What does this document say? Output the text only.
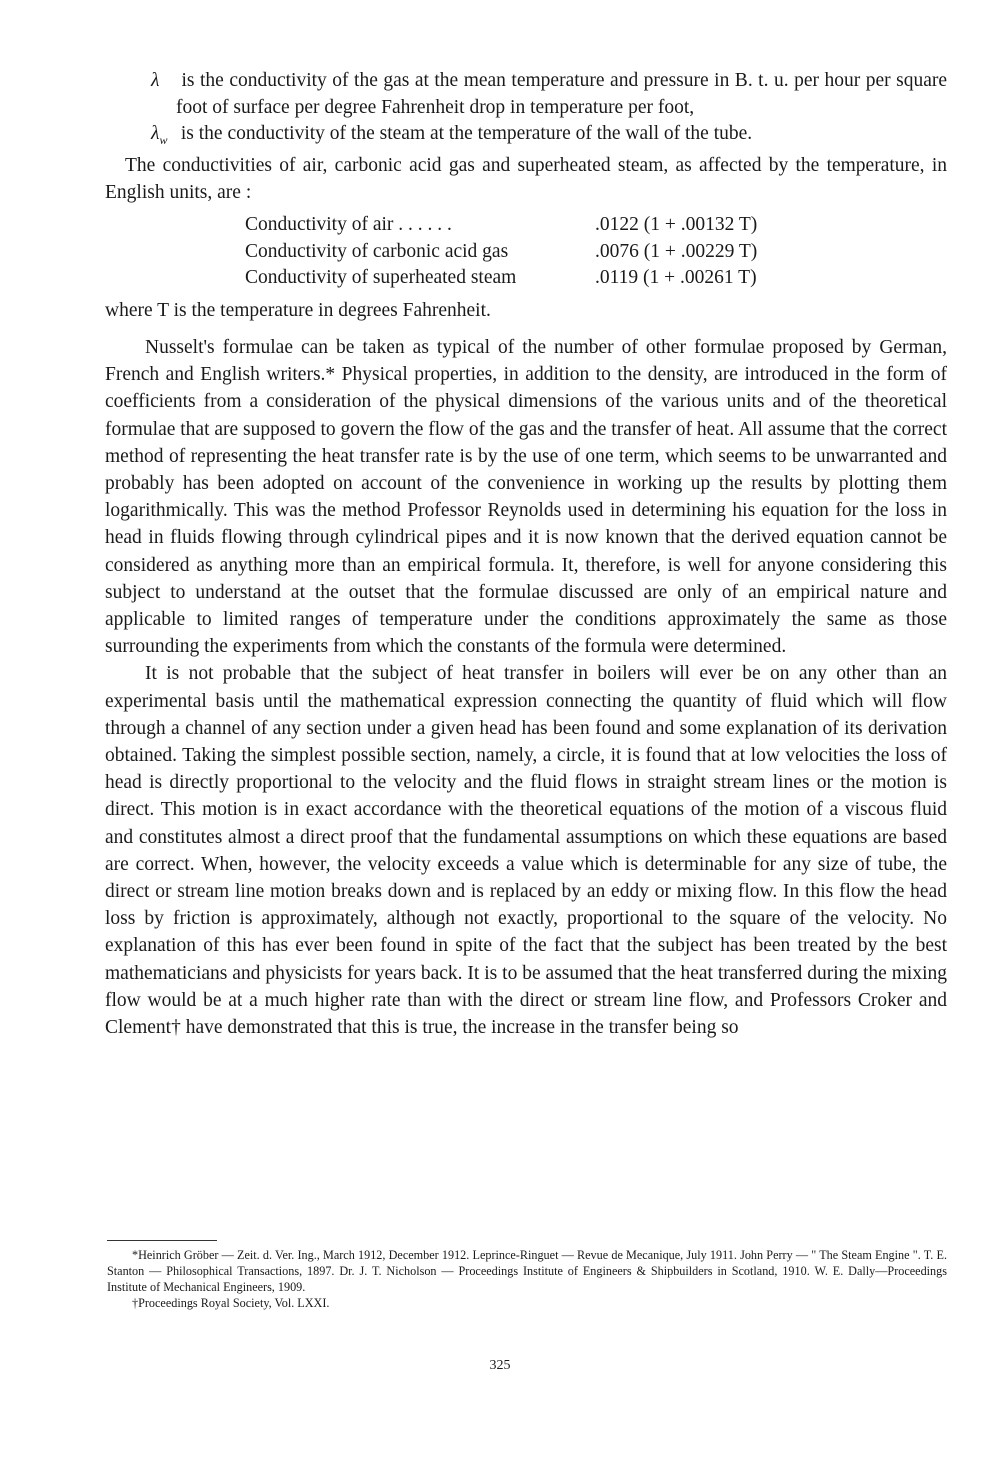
λ is the conductivity of the gas at the mean temperature and pressure in B. t. u. per hour per square foot of surface per degree Fahrenheit drop in temperature per foot,
$\lambda_w$ is the conductivity of the steam at the temperature of the wall of the tube.
The conductivities of air, carbonic acid gas and superheated steam, as affected by the temperature, in English units, are :
Conductivity of air . . . . . .	.0122 (1 + .00132 T)
Conductivity of carbonic acid gas	.0076 (1 + .00229 T)
Conductivity of superheated steam	.0119 (1 + .00261 T)
where T is the temperature in degrees Fahrenheit.

Nusselt's formulae can be taken as typical of the number of other formulae proposed by German, French and English writers.* Physical properties, in addition to the density, are introduced in the form of coefficients from a consideration of the physical dimensions of the various units and of the theoretical formulae that are supposed to govern the flow of the gas and the transfer of heat. All assume that the correct method of representing the heat transfer rate is by the use of one term, which seems to be unwarranted and probably has been adopted on account of the convenience in working up the results by plotting them logarithmically. This was the method Professor Reynolds used in determining his equation for the loss in head in fluids flowing through cylindrical pipes and it is now known that the derived equation cannot be considered as anything more than an empirical formula. It, therefore, is well for anyone considering this subject to understand at the outset that the formulae discussed are only of an empirical nature and applicable to limited ranges of temperature under the conditions approximately the same as those surrounding the experiments from which the constants of the formula were determined.

It is not probable that the subject of heat transfer in boilers will ever be on any other than an experimental basis until the mathematical expression connecting the quantity of fluid which will flow through a channel of any section under a given head has been found and some explanation of its derivation obtained. Taking the simplest possible section, namely, a circle, it is found that at low velocities the loss of head is directly proportional to the velocity and the fluid flows in straight stream lines or the motion is direct. This motion is in exact accordance with the theoretical equations of the motion of a viscous fluid and constitutes almost a direct proof that the fundamental assumptions on which these equations are based are correct. When, however, the velocity exceeds a value which is determinable for any size of tube, the direct or stream line motion breaks down and is replaced by an eddy or mixing flow. In this flow the head loss by friction is approximately, although not exactly, proportional to the square of the velocity. No explanation of this has ever been found in spite of the fact that the subject has been treated by the best mathematicians and physicists for years back. It is to be assumed that the heat transferred during the mixing flow would be at a much higher rate than with the direct or stream line flow, and Professors Croker and Clement† have demonstrated that this is true, the increase in the transfer being so

*Heinrich Gröber — Zeit. d. Ver. Ing., March 1912, December 1912. Leprince-Ringuet — Revue de Mecanique, July 1911. John Perry — " The Steam Engine ". T. E. Stanton — Philosophical Transactions, 1897. Dr. J. T. Nicholson — Proceedings Institute of Engineers & Shipbuilders in Scotland, 1910. W. E. Dally—Proceedings Institute of Mechanical Engineers, 1909.

†Proceedings Royal Society, Vol. LXXI.

325
